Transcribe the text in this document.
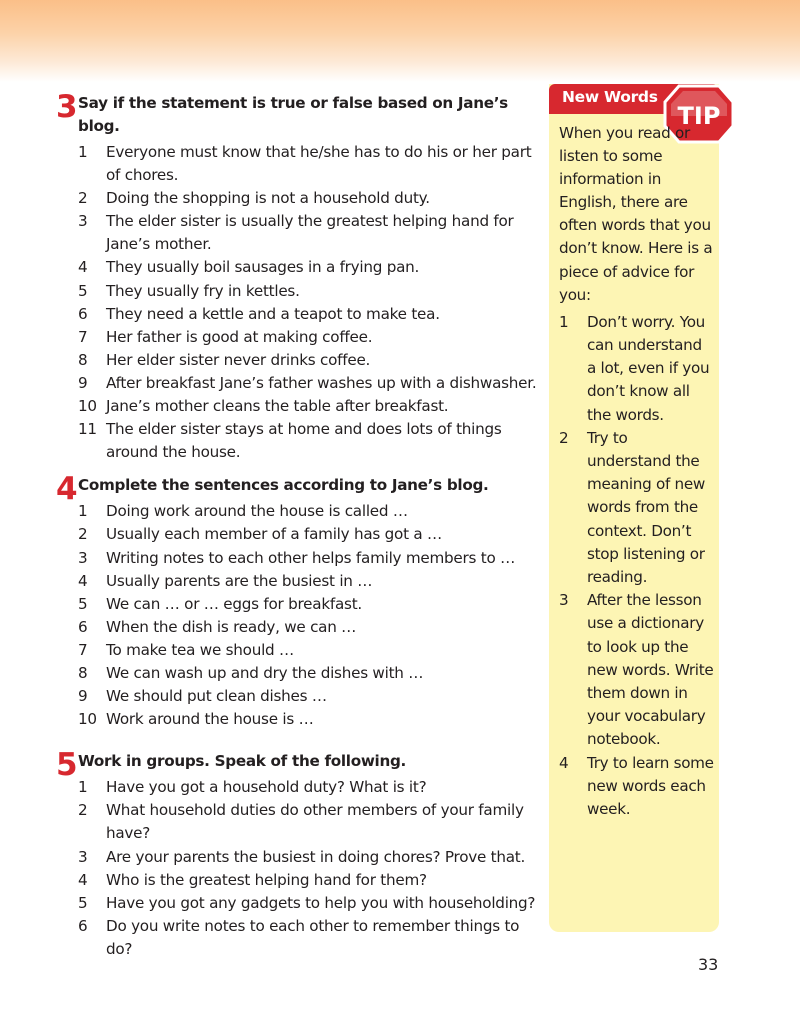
3 Say if the statement is true or false based on Jane’s blog.
1	Everyone must know that he/she has to do his or her part of chores.
2	Doing the shopping is not a household duty.
3	The elder sister is usually the greatest helping hand for Jane’s mother.
4	They usually boil sausages in a frying pan.
5	They usually fry in kettles.
6	They need a kettle and a teapot to make tea.
7	Her father is good at making coffee.
8	Her elder sister never drinks coffee.
9	After breakfast Jane’s father washes up with a dishwasher.
10 Jane’s mother cleans the table after breakfast.
11 The elder sister stays at home and does lots of things around the house.
4 Complete the sentences according to Jane’s blog.
1	Doing work around the house is called …
2	Usually each member of a family has got a …
3	Writing notes to each other helps family members to …
4	Usually parents are the busiest in …
5	We can … or … eggs for breakfast.
6	When the dish is ready, we can …
7	To make tea we should …
8	We can wash up and dry the dishes with …
9	We should put clean dishes …
10 Work around the house is …
5 Work in groups. Speak of the following.
1	Have you got a household duty? What is it?
2	What household duties do other members of your family have?
3	Are your parents the busiest in doing chores? Prove that.
4	Who is the greatest helping hand for them?
5	Have you got any gadgets to help you with householding?
6	Do you write notes to each other to remember things to do?
New Words
TIP

When you read or listen to some information in English, there are often words that you don’t know. Here is a piece of advice for you:

1	Don’t worry. You can understand a lot, even if you don’t know all the words.
2	Try to understand the meaning of new words from the context. Don’t stop listening or reading.
3	After the lesson use a dictionary to look up the new words. Write them down in your vocabulary notebook.
4	Try to learn some new words each week.
33
